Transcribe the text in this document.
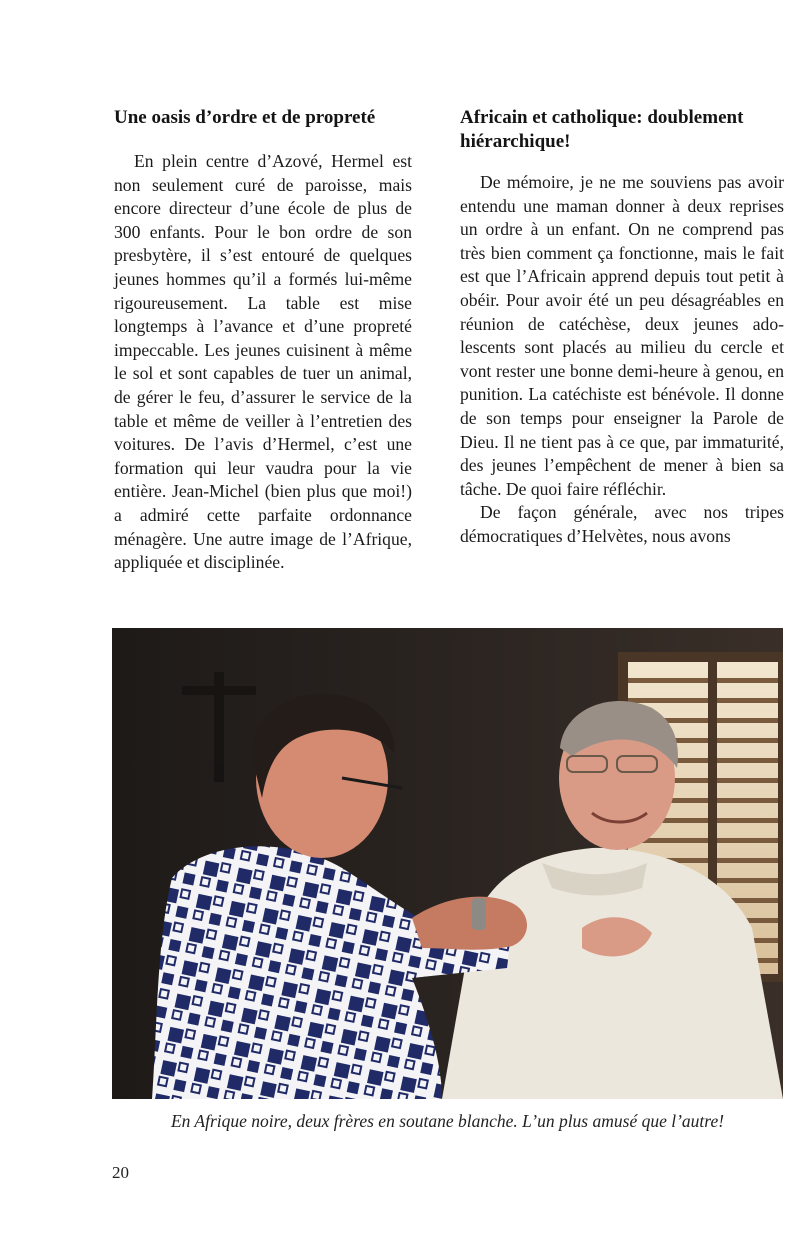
Une oasis d’ordre et de propreté

En plein centre d’Azové, Hermel est non seulement curé de paroisse, mais encore directeur d’une école de plus de 300 enfants. Pour le bon ordre de son presbytère, il s’est entouré de quelques jeunes hommes qu’il a formés lui-même rigoureusement. La table est mise longtemps à l’avance et d’une propreté impeccable. Les jeunes cuisinent à même le sol et sont capables de tuer un animal, de gérer le feu, d’assurer le service de la table et même de veiller à l’entretien des voitures. De l’avis d’Hermel, c’est une formation qui leur vaudra pour la vie entière. Jean-Michel (bien plus que moi!) a admiré cette parfaite ordonnance ménagère. Une autre image de l’Afrique, appliquée et disciplinée.

Africain et catholique: doublement hiérarchique!

De mémoire, je ne me souviens pas avoir entendu une maman donner à deux reprises un ordre à un enfant. On ne comprend pas très bien comment ça fonctionne, mais le fait est que l’Africain apprend depuis tout petit à obéir. Pour avoir été un peu désagréables en réunion de catéchèse, deux jeunes adolescents sont placés au milieu du cercle et vont rester une bonne demi-heure à genou, en punition. La catéchiste est bénévole. Il donne de son temps pour enseigner la Parole de Dieu. Il ne tient pas à ce que, par immaturité, des jeunes l’empêchent de mener à bien sa tâche. De quoi faire réfléchir.

De façon générale, avec nos tripes démocratiques d’Helvètes, nous avons

En Afrique noire, deux frères en soutane blanche. L’un plus amusé que l’autre!
20
